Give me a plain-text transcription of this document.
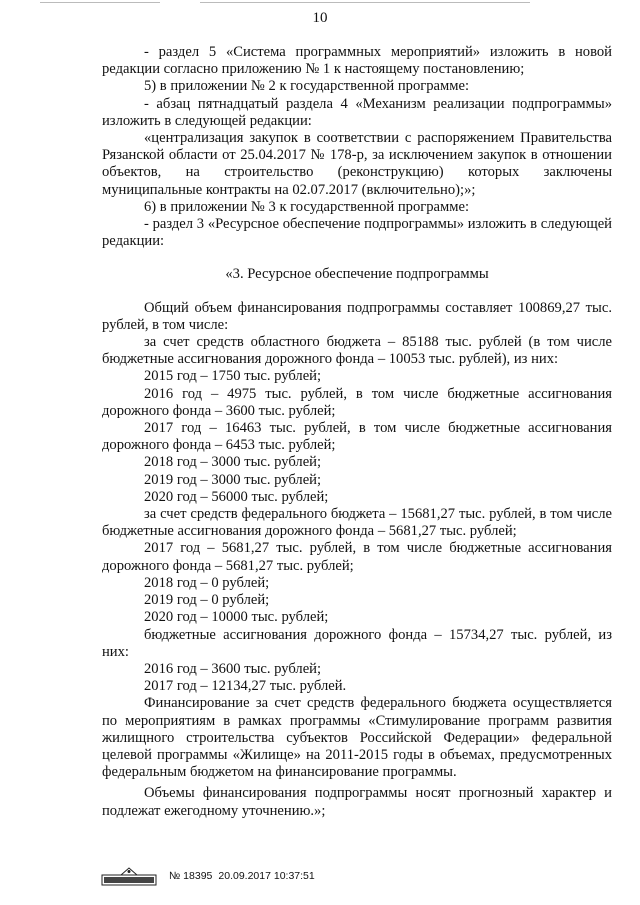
10

- раздел 5 «Система программных мероприятий» изложить в новой редакции согласно приложению № 1 к настоящему постановлению;

5) в приложении № 2 к государственной программе:

- абзац пятнадцатый раздела 4 «Механизм реализации подпрограммы» изложить в следующей редакции:

«централизация закупок в соответствии с распоряжением Правительства Рязанской области от 25.04.2017 № 178-р, за исключением закупок в отношении объектов, на строительство (реконструкцию) которых заключены муниципальные контракты на 02.07.2017 (включительно);»;

6) в приложении № 3 к государственной программе:

- раздел 3 «Ресурсное обеспечение подпрограммы» изложить в следующей редакции:

«3. Ресурсное обеспечение подпрограммы

Общий объем финансирования подпрограммы составляет 100869,27 тыс. рублей, в том числе:

за счет средств областного бюджета – 85188 тыс. рублей (в том числе бюджетные ассигнования дорожного фонда – 10053 тыс. рублей), из них:

2015 год – 1750 тыс. рублей;

2016 год – 4975 тыс. рублей, в том числе бюджетные ассигнования дорожного фонда – 3600 тыс. рублей;

2017 год – 16463 тыс. рублей, в том числе бюджетные ассигнования дорожного фонда – 6453 тыс. рублей;

2018 год – 3000 тыс. рублей;

2019 год – 3000 тыс. рублей;

2020 год – 56000 тыс. рублей;

за счет средств федерального бюджета – 15681,27 тыс. рублей, в том числе бюджетные ассигнования дорожного фонда – 5681,27 тыс. рублей;

2017 год – 5681,27 тыс. рублей, в том числе бюджетные ассигнования дорожного фонда – 5681,27 тыс. рублей;

2018 год – 0 рублей;

2019 год – 0 рублей;

2020 год – 10000 тыс. рублей;

бюджетные ассигнования дорожного фонда – 15734,27 тыс. рублей, из них:

2016 год – 3600 тыс. рублей;

2017 год – 12134,27 тыс. рублей.

Финансирование за счет средств федерального бюджета осуществляется по мероприятиям в рамках программы «Стимулирование программ развития жилищного строительства субъектов Российской Федерации» федеральной целевой программы «Жилище» на 2011-2015 годы в объемах, предусмотренных федеральным бюджетом на финансирование программы.

Объемы финансирования подпрограммы носят прогнозный характер и подлежат ежегодному уточнению.»;

№ 18395 20.09.2017 10:37:51
